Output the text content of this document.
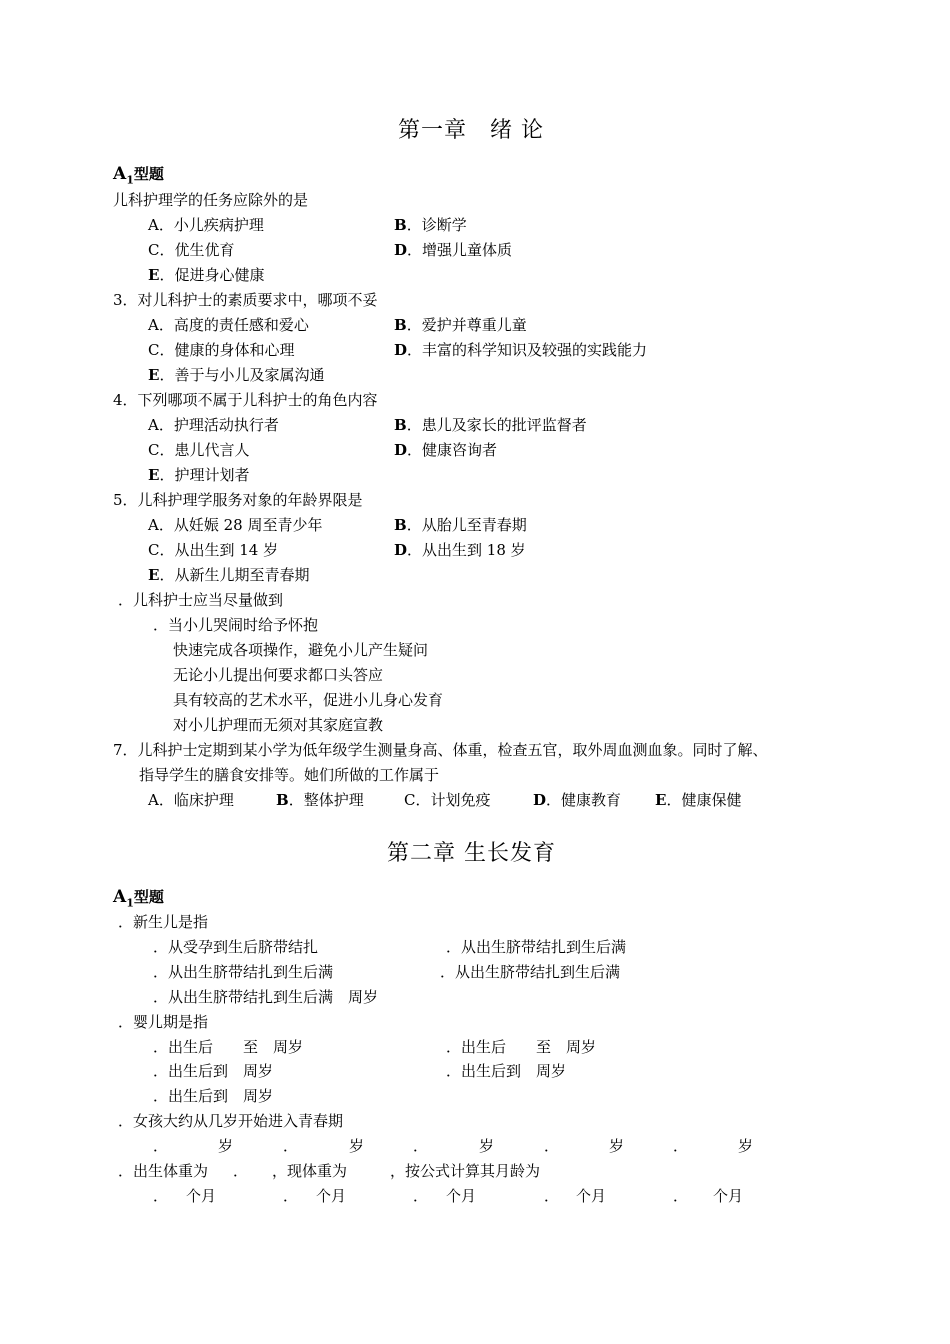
第一章　绪 论
$A_1$型题
儿科护理学的任务应除外的是
A．小儿疾病护理	B．诊断学
C．优生优育	D．增强儿童体质
E．促进身心健康
3．对儿科护士的素质要求中，哪项不妥
A．高度的责任感和爱心	B．爱护并尊重儿童
C．健康的身体和心理	D．丰富的科学知识及较强的实践能力
E．善于与小儿及家属沟通
4．下列哪项不属于儿科护士的角色内容
A．护理活动执行者	B．患儿及家长的批评监督者
C．患儿代言人	D．健康咨询者
E．护理计划者
5．儿科护理学服务对象的年龄界限是
A．从妊娠 28 周至青少年	B．从胎儿至青春期
C．从出生到 14 岁	D．从出生到 18 岁
E．从新生儿期至青春期
．儿科护士应当尽量做到
．当小儿哭闹时给予怀抱
快速完成各项操作，避免小儿产生疑问
无论小儿提出何要求都口头答应
具有较高的艺术水平，促进小儿身心发育
对小儿护理而无须对其家庭宣教
7．儿科护士定期到某小学为低年级学生测量身高、体重，检查五官，取外周血测血象。同时了解、
指导学生的膳食安排等。她们所做的工作属于
A．临床护理	B．整体护理	C．计划免疫	D．健康教育 E．健康保健
第二章 生长发育
$A_1$型题
．新生儿是指
．从受孕到生后脐带结扎	．从出生脐带结扎到生后满
．从出生脐带结扎到生后满	．从出生脐带结扎到生后满
．从出生脐带结扎到生后满　周岁
．婴儿期是指
．出生后　　至　周岁	．出生后　　至　周岁
．出生后到　周岁	．出生后到　周岁
．出生后到　周岁
．女孩大约从几岁开始进入青春期
．	岁	．	岁	．	岁	．	岁	．	岁
．出生体重为 ． ，现体重为	，按公式计算其月龄为
． 个月	． 个月	． 个月	． 个月	． 个月
